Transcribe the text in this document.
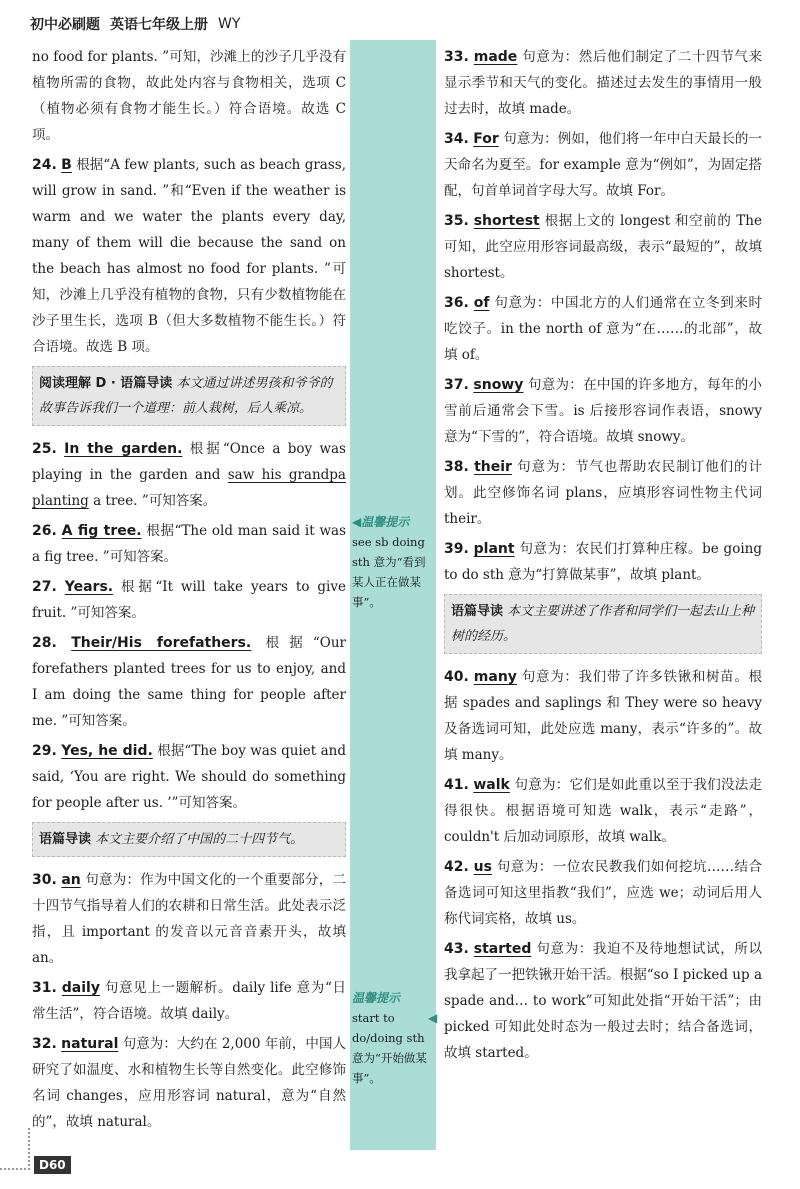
初中必刷题 英语七年级上册 WY
◀温馨提示
see sb doing sth 意为“看到某人正在做某事”。
温馨提示
◀
start to do/doing sth 意为“开始做某事”。

no food for plants. ”可知，沙滩上的沙子几乎没有植物所需的食物，故此处内容与食物相关，选项 C（植物必须有食物才能生长。）符合语境。故选 C 项。

24. B 根据“A few plants, such as beach grass, will grow in sand. ”和“Even if the weather is warm and we water the plants every day, many of them will die because the sand on the beach has almost no food for plants. ”可知，沙滩上几乎没有植物的食物，只有少数植物能在沙子里生长，选项 B（但大多数植物不能生长。）符合语境。故选 B 项。

阅读理解 D · 语篇导读 本文通过讲述男孩和爷爷的故事告诉我们一个道理：前人栽树，后人乘凉。

25. In the garden. 根据“Once a boy was playing in the garden and saw his grandpa planting a tree. ”可知答案。

26. A fig tree. 根据“The old man said it was a fig tree. ”可知答案。

27. Years. 根据“It will take years to give fruit. ”可知答案。

28. Their/His forefathers. 根据“Our forefathers planted trees for us to enjoy, and I am doing the same thing for people after me. ”可知答案。

29. Yes, he did. 根据“The boy was quiet and said, ‘You are right. We should do something for people after us. ’”可知答案。

语篇导读 本文主要介绍了中国的二十四节气。

30. an 句意为：作为中国文化的一个重要部分，二十四节气指导着人们的农耕和日常生活。此处表示泛指，且 important 的发音以元音音素开头，故填 an。

31. daily 句意见上一题解析。daily life 意为“日常生活”，符合语境。故填 daily。

32. natural 句意为：大约在 2,000 年前，中国人研究了如温度、水和植物生长等自然变化。此空修饰名词 changes，应用形容词 natural，意为“自然的”，故填 natural。

33. made 句意为：然后他们制定了二十四节气来显示季节和天气的变化。描述过去发生的事情用一般过去时，故填 made。

34. For 句意为：例如，他们将一年中白天最长的一天命名为夏至。for example 意为“例如”，为固定搭配，句首单词首字母大写。故填 For。

35. shortest 根据上文的 longest 和空前的 The 可知，此空应用形容词最高级，表示“最短的”，故填 shortest。

36. of 句意为：中国北方的人们通常在立冬到来时吃饺子。in the north of 意为“在……的北部”，故填 of。

37. snowy 句意为：在中国的许多地方，每年的小雪前后通常会下雪。is 后接形容词作表语，snowy 意为“下雪的”，符合语境。故填 snowy。

38. their 句意为：节气也帮助农民制订他们的计划。此空修饰名词 plans，应填形容词性物主代词 their。

39. plant 句意为：农民们打算种庄稼。be going to do sth 意为“打算做某事”，故填 plant。

语篇导读 本文主要讲述了作者和同学们一起去山上种树的经历。

40. many 句意为：我们带了许多铁锹和树苗。根据 spades and saplings 和 They were so heavy 及备选词可知，此处应选 many，表示“许多的”。故填 many。

41. walk 句意为：它们是如此重以至于我们没法走得很快。根据语境可知选 walk，表示“走路”，couldn't 后加动词原形，故填 walk。

42. us 句意为：一位农民教我们如何挖坑……结合备选词可知这里指教“我们”，应选 we；动词后用人称代词宾格，故填 us。

43. started 句意为：我迫不及待地想试试，所以我拿起了一把铁锹开始干活。根据“so I picked up a spade and… to work”可知此处指“开始干活”；由 picked 可知此处时态为一般过去时；结合备选词，故填 started。

D60
